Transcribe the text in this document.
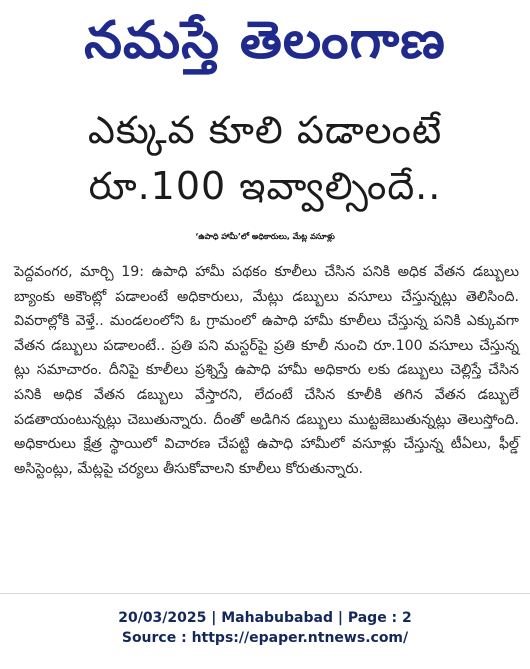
నమస్తే తెలంగాణ
ఎక్కువ కూలి పడాలంటే
రూ.100 ఇవ్వాల్సిందే..
‘ఉపాధి హామీ’లో అధికారులు, మేట్ల వసూళ్లు
పెద్దవంగర, మార్చి 19: ఉపాధి హామీ పథకం కూలీలు చేసిన పనికి అధిక వేతన డబ్బులు బ్యాంకు అకౌంట్లో పడాలంటే అధికారులు, మేట్లు డబ్బులు వసూలు చేస్తున్నట్లు తెలిసింది. వివరాల్లోకి వెళ్తే.. మండలంలోని ఓ గ్రామంలో ఉపాధి హామీ కూలీలు చేస్తున్న పనికి ఎక్కువగా వేతన డబ్బులు పడాలంటే.. ప్రతి పని మస్టర్‌పై ప్రతి కూలీ నుంచి రూ.100 వసూలు చేస్తున్న ట్లు సమాచారం. దీనిపై కూలీలు ప్రశ్నిస్తే ఉపాధి హామీ అధికారు లకు డబ్బులు చెల్లిస్తే చేసిన పనికి అధిక వేతన డబ్బులు వేస్తారని, లేదంటే చేసిన కూలీకి తగిన వేతన డబ్బులే పడతాయంటున్నట్లు చెబుతున్నారు. దీంతో అడిగిన డబ్బులు ముట్టజెబుతున్నట్లు తెలుస్తోంది. అధికారులు క్షేత్ర స్థాయిలో విచారణ చేపట్టి ఉపాధి హామీలో వసూళ్లు చేస్తున్న టీఏలు, ఫీల్డ్ అసిస్టెంట్లు, మేట్లపై చర్యలు తీసుకోవాలని కూలీలు కోరుతున్నారు.
20/03/2025 | Mahabubabad | Page : 2
Source : https://epaper.ntnews.com/
